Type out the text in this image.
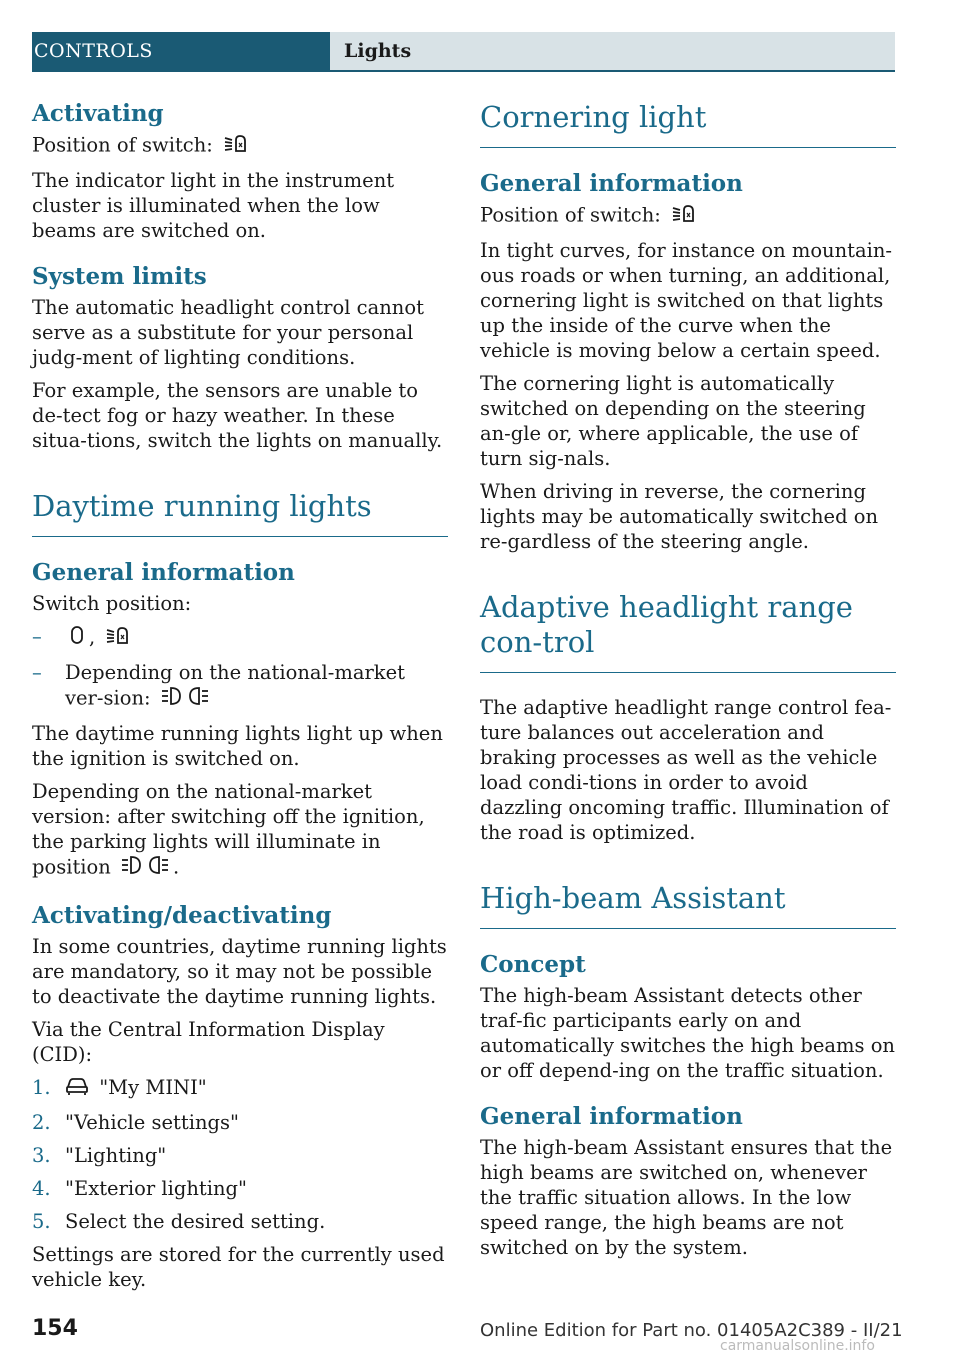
CONTROLS	Lights
Activating

Position of switch:

The indicator light in the instrument cluster is illuminated when the low beams are switched on.

System limits

The automatic headlight control cannot serve as a substitute for your personal judg‐ment of lighting conditions.

For example, the sensors are unable to de‐tect fog or hazy weather. In these situa‐tions, switch the lights on manually.

Daytime running lights
General information

Switch position:

– ,
– Depending on the national-market ver‐sion:

The daytime running lights light up when the ignition is switched on.

Depending on the national-market version: after switching off the ignition, the parking lights will illuminate in position	.

Activating/deactivating

In some countries, daytime running lights are mandatory, so it may not be possible to deactivate the daytime running lights.

Via the Central Information Display (CID):

1. "My MINI"
2. "Vehicle settings"
3. "Lighting"
4. "Exterior lighting"
5. Select the desired setting.

Settings are stored for the currently used vehicle key.

Cornering light
General information

Position of switch:

In tight curves, for instance on mountain‐ous roads or when turning, an additional, cornering light is switched on that lights up the inside of the curve when the vehicle is moving below a certain speed.

The cornering light is automatically switched on depending on the steering an‐gle or, where applicable, the use of turn sig‐nals.

When driving in reverse, the cornering lights may be automatically switched on re‐gardless of the steering angle.

Adaptive headlight range con‐trol

The adaptive headlight range control fea‐ture balances out acceleration and braking processes as well as the vehicle load condi‐tions in order to avoid dazzling oncoming traffic. Illumination of the road is optimized.

High-beam Assistant
Concept

The high-beam Assistant detects other traf‐fic participants early on and automatically switches the high beams on or off depend‐ing on the traffic situation.

General information

The high-beam Assistant ensures that the high beams are switched on, whenever the traffic situation allows. In the low speed range, the high beams are not switched on by the system.

154	Online Edition for Part no. 01405A2C389 - II/21
carmanualsonline.info
